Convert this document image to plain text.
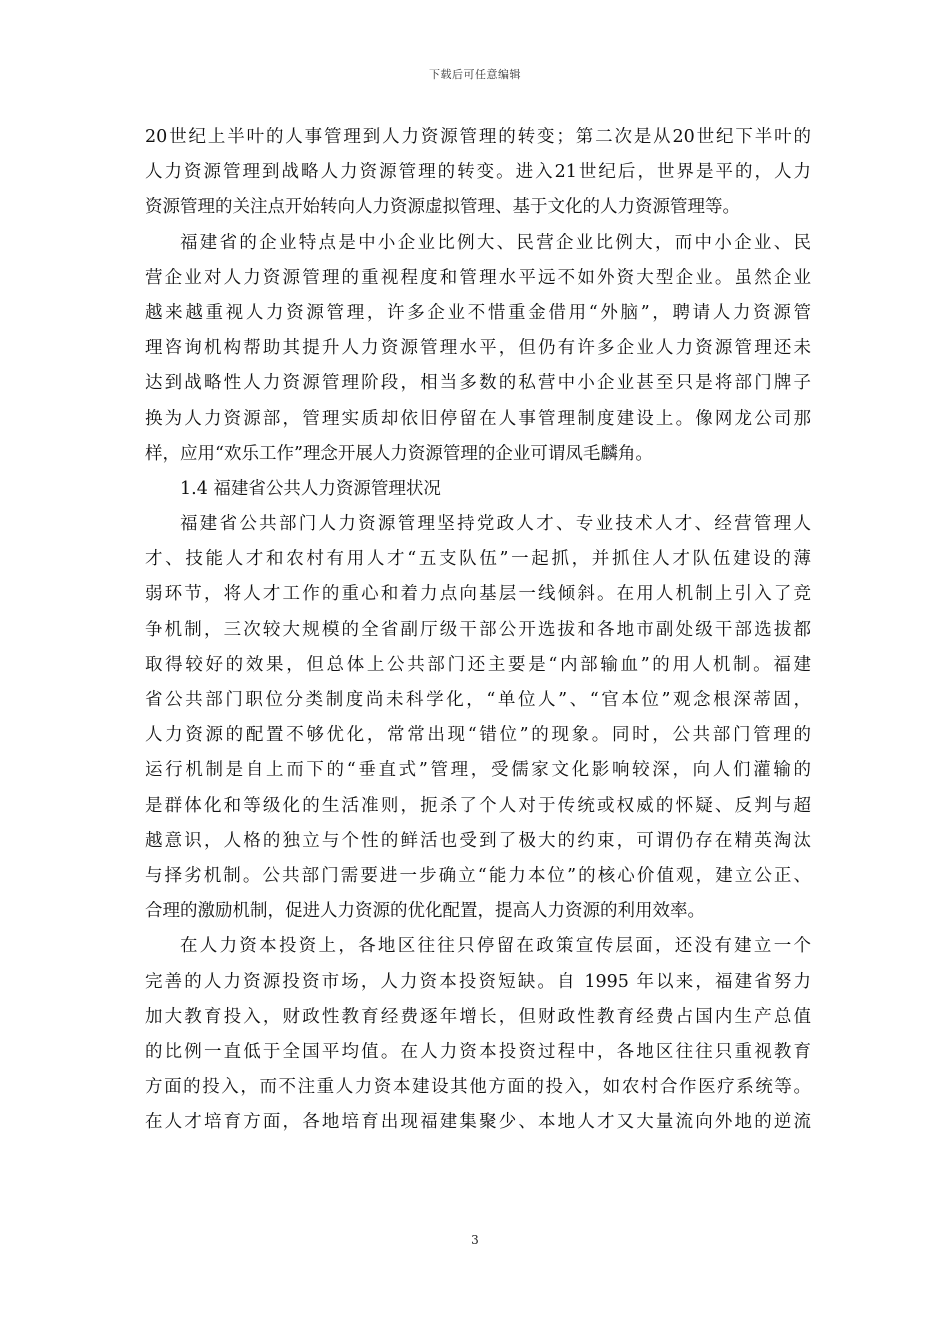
下载后可任意编辑
20世纪上半叶的人事管理到人力资源管理的转变；第二次是从20世纪下半叶的
人力资源管理到战略人力资源管理的转变。进入21世纪后，世界是平的，人力
资源管理的关注点开始转向人力资源虚拟管理、基于文化的人力资源管理等。
福建省的企业特点是中小企业比例大、民营企业比例大，而中小企业、民
营企业对人力资源管理的重视程度和管理水平远不如外资大型企业。虽然企业
越来越重视人力资源管理，许多企业不惜重金借用“外脑”，聘请人力资源管
理咨询机构帮助其提升人力资源管理水平，但仍有许多企业人力资源管理还未
达到战略性人力资源管理阶段，相当多数的私营中小企业甚至只是将部门牌子
换为人力资源部，管理实质却依旧停留在人事管理制度建设上。像网龙公司那
样，应用“欢乐工作”理念开展人力资源管理的企业可谓凤毛麟角。
1.4 福建省公共人力资源管理状况
福建省公共部门人力资源管理坚持党政人才、专业技术人才、经营管理人
才、技能人才和农村有用人才“五支队伍”一起抓，并抓住人才队伍建设的薄
弱环节，将人才工作的重心和着力点向基层一线倾斜。在用人机制上引入了竞
争机制，三次较大规模的全省副厅级干部公开选拔和各地市副处级干部选拔都
取得较好的效果，但总体上公共部门还主要是“内部输血”的用人机制。福建
省公共部门职位分类制度尚未科学化，“单位人”、“官本位”观念根深蒂固，
人力资源的配置不够优化，常常出现“错位”的现象。同时，公共部门管理的
运行机制是自上而下的“垂直式”管理，受儒家文化影响较深，向人们灌输的
是群体化和等级化的生活准则，扼杀了个人对于传统或权威的怀疑、反判与超
越意识，人格的独立与个性的鲜活也受到了极大的约束，可谓仍存在精英淘汰
与择劣机制。公共部门需要进一步确立“能力本位”的核心价值观，建立公正、
合理的激励机制，促进人力资源的优化配置，提高人力资源的利用效率。
在人力资本投资上，各地区往往只停留在政策宣传层面，还没有建立一个
完善的人力资源投资市场，人力资本投资短缺。自 1995 年以来，福建省努力
加大教育投入，财政性教育经费逐年增长，但财政性教育经费占国内生产总值
的比例一直低于全国平均值。在人力资本投资过程中，各地区往往只重视教育
方面的投入，而不注重人力资本建设其他方面的投入，如农村合作医疗系统等。
在人才培育方面，各地培育出现福建集聚少、本地人才又大量流向外地的逆流
3
